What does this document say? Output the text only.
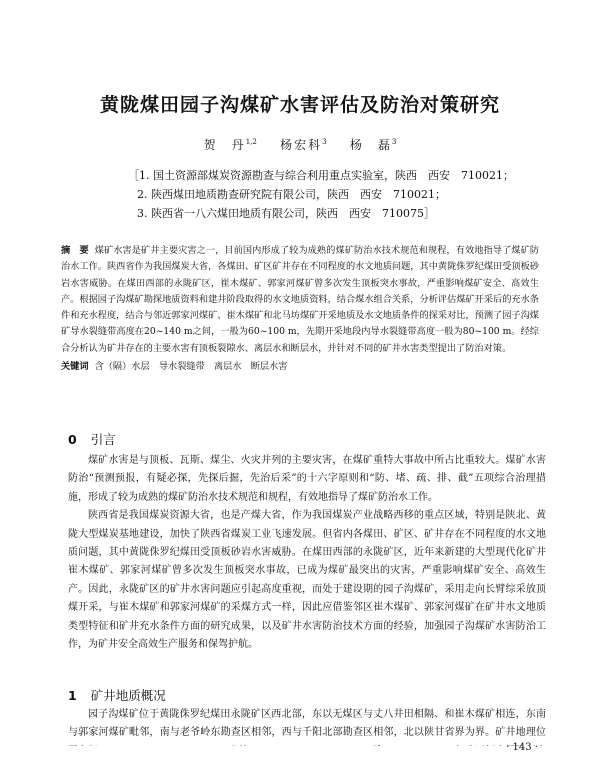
黄陇煤田园子沟煤矿水害评估及防治对策研究
贺　丹$^{1,2}$ 杨宏科$^3$ 杨　磊$^3$
［1. 国土资源部煤炭资源勘查与综合利用重点实验室，陕西　西安　710021；
2. 陕西煤田地质勘查研究院有限公司，陕西　西安　710021；
3. 陕西省一八六煤田地质有限公司，陕西　西安　710075］
摘　要 煤矿水害是矿井主要灾害之一，目前国内形成了较为成熟的煤矿防治水技术规范和规程，有效地指导了煤矿防治水工作。陕西省作为我国煤炭大省，各煤田、矿区矿井存在不同程度的水文地质问题，其中黄陇侏罗纪煤田受顶板砂岩水害威胁。在煤田西部的永陇矿区，崔木煤矿、郭家河煤矿曾多次发生顶板突水事故，严重影响煤矿安全、高效生产。根据园子沟煤矿勘探地质资料和建井阶段取得的水文地质资料，结合煤水组合关系，分析评估煤矿开采后的充水条件和充水程度，结合与邻近郭家河煤矿、崔木煤矿和北马坊煤矿开采地质及水文地质条件的探采对比，预测了园子沟煤矿导水裂缝带高度在20~140 m之间，一般为60~100 m，先期开采地段内导水裂缝带高度一般为80~100 m。经综合分析认为矿井存在的主要水害有顶板裂隙水、离层水和断层水，并针对不同的矿井水害类型提出了防治对策。
关键词 含（隔）水层　导水裂缝带　离层水　断层水害
0 引言

煤矿水害是与顶板、瓦斯、煤尘、火灾并列的主要灾害，在煤矿重特大事故中所占比重较大。煤矿水害防治“预测预报，有疑必探，先探后掘，先治后采”的十六字原则和“防、堵、疏、排、截”五项综合治理措施，形成了较为成熟的煤矿防治水技术规范和规程，有效地指导了煤矿防治水工作。

陕西省是我国煤炭资源大省，也是产煤大省，作为我国煤炭产业战略西移的重点区域，特别是陕北、黄陇大型煤炭基地建设，加快了陕西省煤炭工业飞速发展。但省内各煤田、矿区、矿井存在不同程度的水文地质问题，其中黄陇侏罗纪煤田受顶板砂岩水害威胁。在煤田西部的永陇矿区，近年来新建的大型现代化矿井崔木煤矿、郭家河煤矿曾多次发生顶板突水事故，已成为煤矿最突出的灾害，严重影响煤矿安全、高效生产。因此，永陇矿区的矿井水害问题应引起高度重视，而处于建设期的园子沟煤矿，采用走向长臂综采放顶煤开采，与崔木煤矿和郭家河煤矿的采煤方式一样，因此应借鉴邻区崔木煤矿、郭家河煤矿在矿井水文地质类型特征和矿井充水条件方面的研究成果，以及矿井水害防治技术方面的经验，加强园子沟煤矿水害防治工作，为矿井安全高效生产服务和保驾护航。

1 矿井地质概况

园子沟煤矿位于黄陇侏罗纪煤田永陇矿区西北部，东以无煤区与丈八井田相隔、和崔木煤矿相连，东南与郭家河煤矿毗邻，南与老爷岭东勘查区相邻，西与千阳北部勘查区相邻，北以陕甘省界为界。矿井地理位

· 143 ·
